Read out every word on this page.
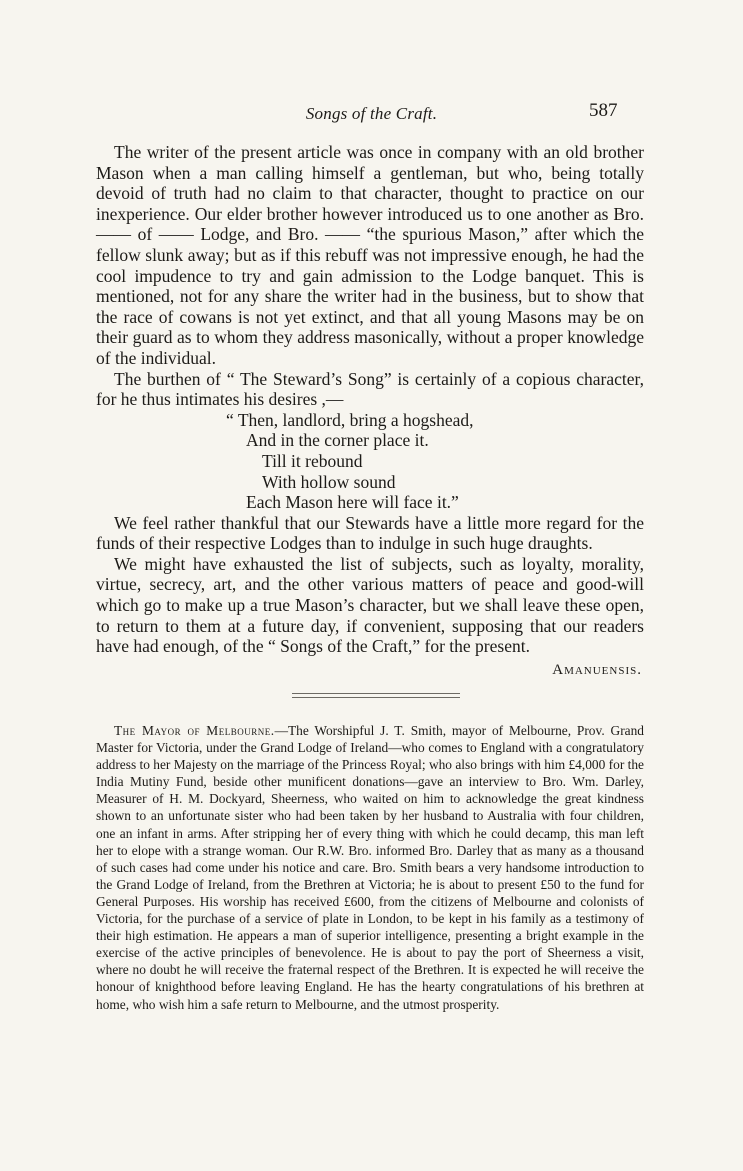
Songs of the Craft.	587

The writer of the present article was once in company with an old brother Mason when a man calling himself a gentleman, but who, being totally devoid of truth had no claim to that character, thought to practice on our inexperience. Our elder brother however introduced us to one another as Bro. —— of —— Lodge, and Bro. —— “the spurious Mason,” after which the fellow slunk away; but as if this rebuff was not impressive enough, he had the cool impudence to try and gain admission to the Lodge banquet. This is mentioned, not for any share the writer had in the business, but to show that the race of cowans is not yet extinct, and that all young Masons may be on their guard as to whom they address masonically, without a proper knowledge of the individual.

The burthen of “ The Steward’s Song” is certainly of a copious character, for he thus intimates his desires ,—

“ Then, landlord, bring a hogshead,
And in the corner place it.
Till it rebound
With hollow sound
Each Mason here will face it.”

We feel rather thankful that our Stewards have a little more regard for the funds of their respective Lodges than to indulge in such huge draughts.

We might have exhausted the list of subjects, such as loyalty, morality, virtue, secrecy, art, and the other various matters of peace and good-will which go to make up a true Mason’s character, but we shall leave these open, to return to them at a future day, if convenient, supposing that our readers have had enough, of the “ Songs of the Craft,” for the present.

Amanuensis.

The Mayor of Melbourne.—The Worshipful J. T. Smith, mayor of Melbourne, Prov. Grand Master for Victoria, under the Grand Lodge of Ireland—who comes to England with a congratulatory address to her Majesty on the marriage of the Princess Royal; who also brings with him £4,000 for the India Mutiny Fund, beside other munificent donations—gave an interview to Bro. Wm. Darley, Measurer of H. M. Dockyard, Sheerness, who waited on him to acknowledge the great kindness shown to an unfortunate sister who had been taken by her husband to Australia with four children, one an infant in arms. After stripping her of every thing with which he could decamp, this man left her to elope with a strange woman. Our R.W. Bro. informed Bro. Darley that as many as a thousand of such cases had come under his notice and care. Bro. Smith bears a very handsome introduction to the Grand Lodge of Ireland, from the Brethren at Victoria; he is about to present £50 to the fund for General Purposes. His worship has received £600, from the citizens of Melbourne and colonists of Victoria, for the purchase of a service of plate in London, to be kept in his family as a testimony of their high estimation. He appears a man of superior intelligence, presenting a bright example in the exercise of the active principles of benevolence. He is about to pay the port of Sheerness a visit, where no doubt he will receive the fraternal respect of the Brethren. It is expected he will receive the honour of knighthood before leaving England. He has the hearty congratulations of his brethren at home, who wish him a safe return to Melbourne, and the utmost prosperity.
